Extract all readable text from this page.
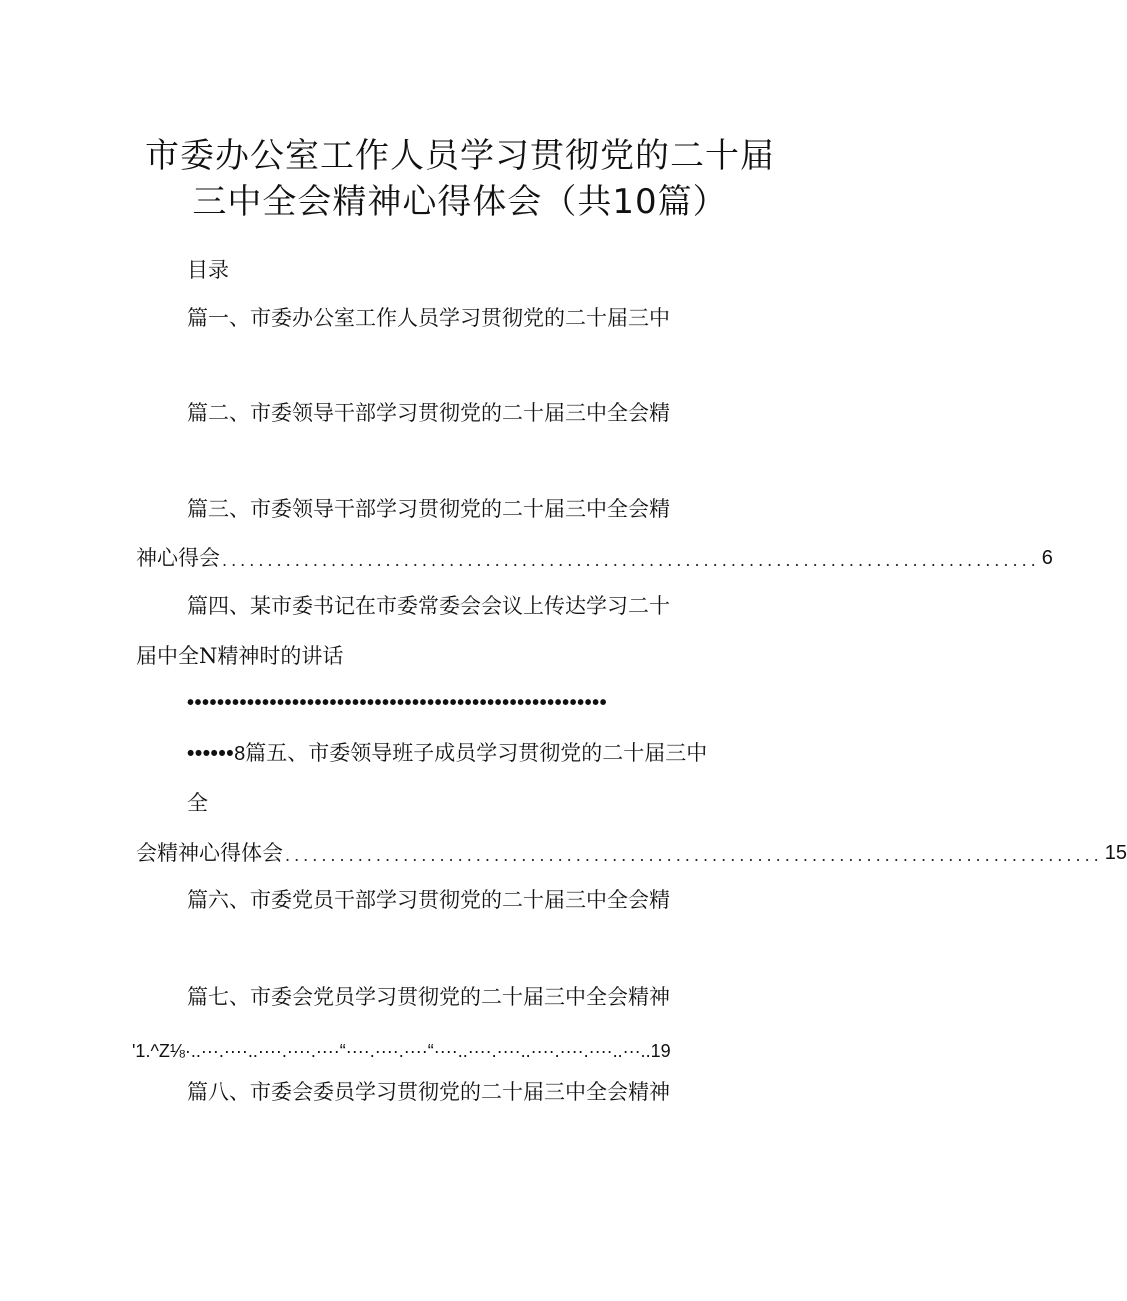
市委办公室工作人员学习贯彻党的二十届
三中全会精神心得体会（共10篇）
目录
篇一、市委办公室工作人员学习贯彻党的二十届三中
篇二、市委领导干部学习贯彻党的二十届三中全会精
篇三、市委领导干部学习贯彻党的二十届三中全会精
神心得会 .......................................................................................... 6
篇四、某市委书记在市委常委会会议上传达学习二十
届中全N精神时的讲话
••••••••••••••••••••••••••••••••••••••••••••••••••••••••
••••••8篇五、市委领导班子成员学习贯彻党的二十届三中
全
会精神心得体会 .......................................................................................... 15
篇六、市委党员干部学习贯彻党的二十届三中全会精
篇七、市委会党员学习贯彻党的二十届三中全会精神
'1.^Z⅛·..···.····..····.····.····“····.····.····“····..····.····..····.····.····..···..19
篇八、市委会委员学习贯彻党的二十届三中全会精神
